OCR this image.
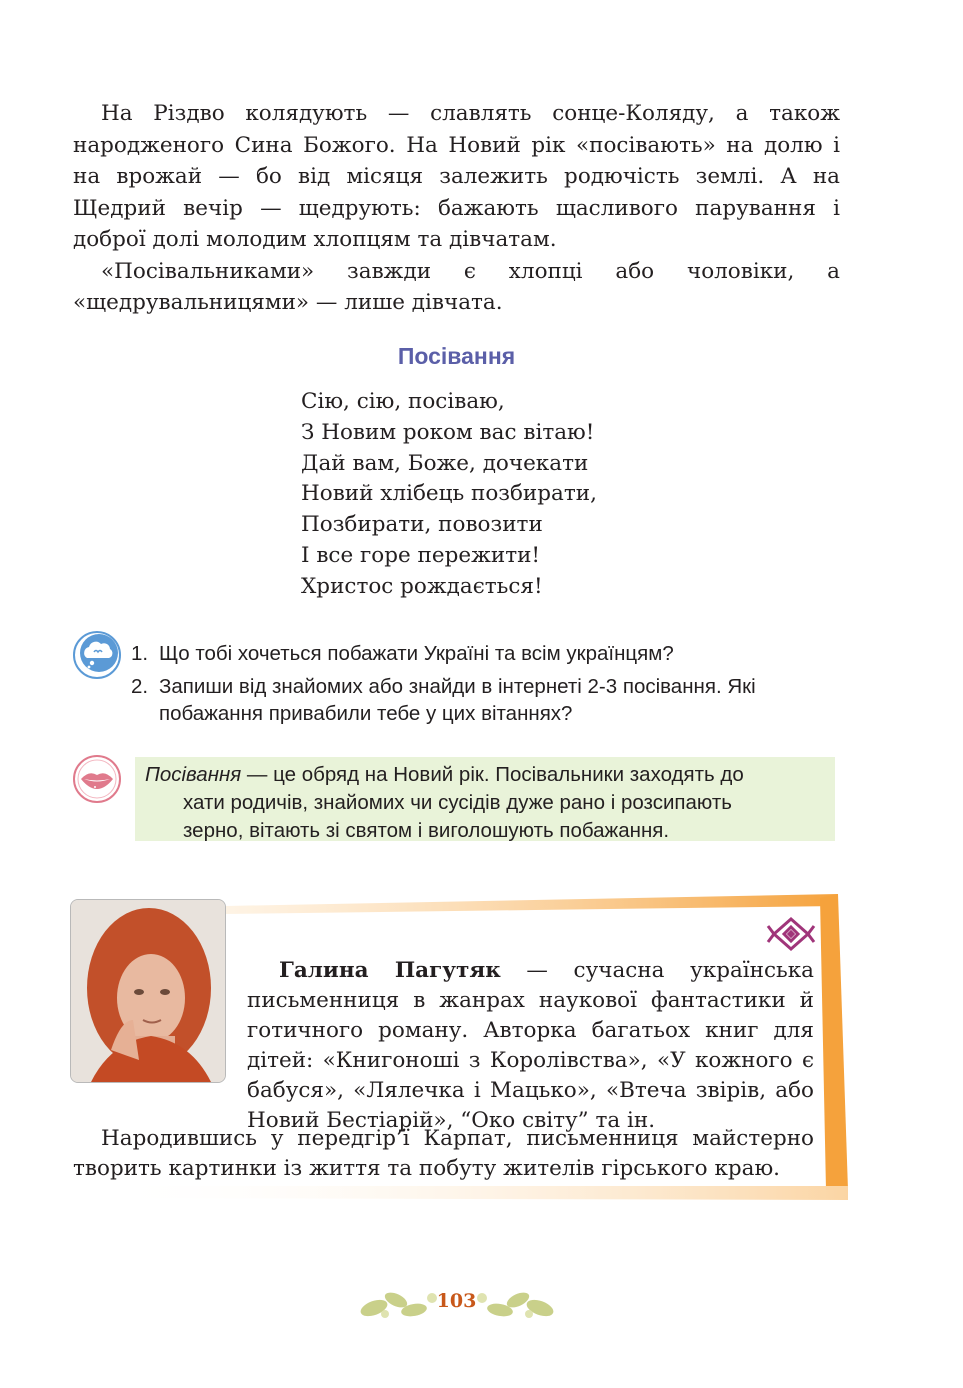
На Різдво колядують — славлять сонце-Коляду, а також народженого Сина Божого. На Новий рік «посівають» на долю і на врожай — бо від місяця залежить родючість землі. А на Щедрий вечір — щедрують: бажають щасливого парування і доброї долі молодим хлопцям та дівчатам.

«Посівальниками» завжди є хлопці або чоловіки, а «щедрувальницями» — лише дівчата.

Посівання
Сію, сію, посіваю,
З Новим роком вас вітаю!
Дай вам, Боже, дочекати
Новий хлібець позбирати,
Позбирати, повозити
І все горе пережити!
Христос рождається!
1. Що тобі хочеться побажати Україні та всім українцям?
2. Запиши від знайомих або знайди в інтернеті 2-3 посівання. Які побажання привабили тебе у цих вітаннях?
Посівання — це обряд на Новий рік. Посівальники заходять до
хати родичів, знайомих чи сусідів дуже рано і розсипають
зерно, вітають зі святом і виголошують побажання.

Галина Пагутяк — сучасна українська письменниця в жанрах наукової фантастики й готичного роману. Авторка багатьох книг для дітей: «Книгоноші з Королівства», «У кожного є бабуся», «Лялечка і Мацько», «Втеча звірів, або Новий Бестіарій», “Око світу” та ін.

Народившись у передгір’ї Карпат, письменниця майстерно творить картинки із життя та побуту жителів гірського краю.

103
